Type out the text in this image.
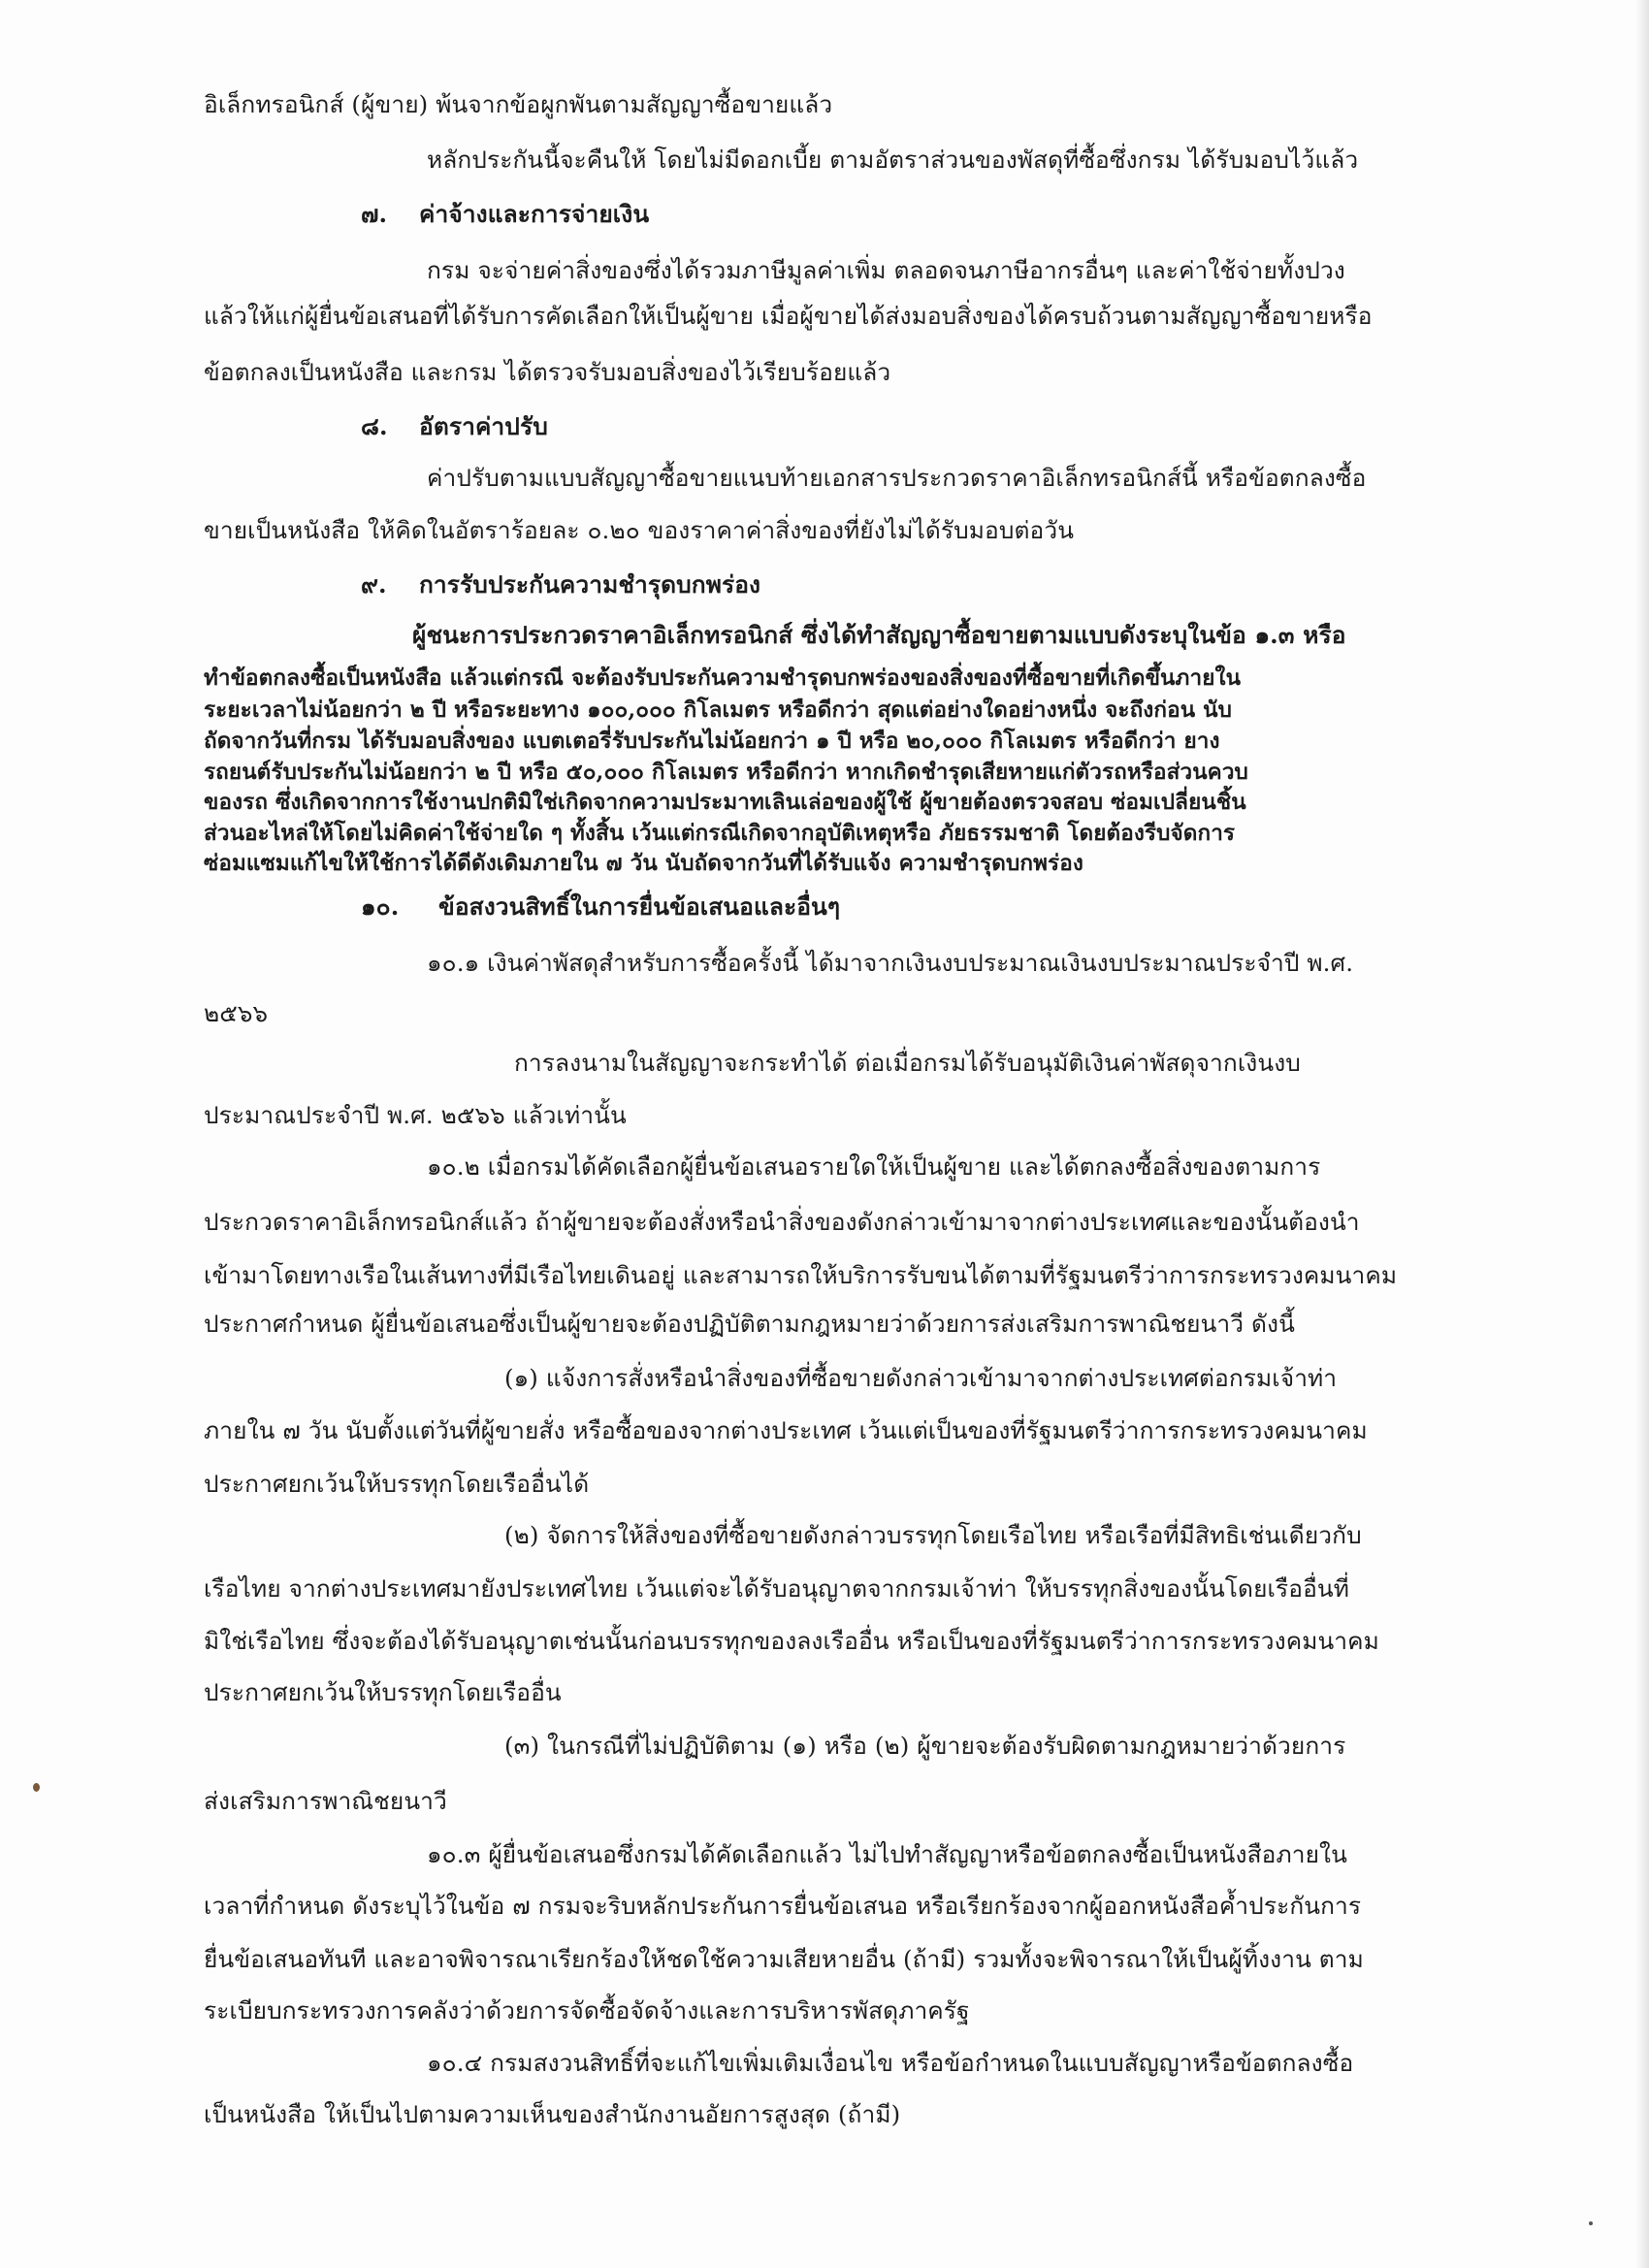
อิเล็กทรอนิกส์ (ผู้ขาย) พ้นจากข้อผูกพันตามสัญญาซื้อขายแล้ว
หลักประกันนี้จะคืนให้ โดยไม่มีดอกเบี้ย ตามอัตราส่วนของพัสดุที่ซื้อซึ่งกรม ได้รับมอบไว้แล้ว
๗. ค่าจ้างและการจ่ายเงิน
กรม จะจ่ายค่าสิ่งของซึ่งได้รวมภาษีมูลค่าเพิ่ม ตลอดจนภาษีอากรอื่นๆ และค่าใช้จ่ายทั้งปวง
แล้วให้แก่ผู้ยื่นข้อเสนอที่ได้รับการคัดเลือกให้เป็นผู้ขาย เมื่อผู้ขายได้ส่งมอบสิ่งของได้ครบถ้วนตามสัญญาซื้อขายหรือ
ข้อตกลงเป็นหนังสือ และกรม ได้ตรวจรับมอบสิ่งของไว้เรียบร้อยแล้ว
๘. อัตราค่าปรับ
ค่าปรับตามแบบสัญญาซื้อขายแนบท้ายเอกสารประกวดราคาอิเล็กทรอนิกส์นี้ หรือข้อตกลงซื้อ
ขายเป็นหนังสือ ให้คิดในอัตราร้อยละ ๐.๒๐ ของราคาค่าสิ่งของที่ยังไม่ได้รับมอบต่อวัน
๙. การรับประกันความชำรุดบกพร่อง
ผู้ชนะการประกวดราคาอิเล็กทรอนิกส์ ซึ่งได้ทำสัญญาซื้อขายตามแบบดังระบุในข้อ ๑.๓ หรือ
ทำข้อตกลงซื้อเป็นหนังสือ แล้วแต่กรณี จะต้องรับประกันความชำรุดบกพร่องของสิ่งของที่ซื้อขายที่เกิดขึ้นภายใน
ระยะเวลาไม่น้อยกว่า ๒ ปี หรือระยะทาง ๑๐๐,๐๐๐ กิโลเมตร หรือดีกว่า สุดแต่อย่างใดอย่างหนึ่ง จะถึงก่อน นับ
ถัดจากวันที่กรม ได้รับมอบสิ่งของ แบตเตอรี่รับประกันไม่น้อยกว่า ๑ ปี หรือ ๒๐,๐๐๐ กิโลเมตร หรือดีกว่า ยาง
รถยนต์รับประกันไม่น้อยกว่า ๒ ปี หรือ ๕๐,๐๐๐ กิโลเมตร หรือดีกว่า หากเกิดชำรุดเสียหายแก่ตัวรถหรือส่วนควบ
ของรถ ซึ่งเกิดจากการใช้งานปกติมิใช่เกิดจากความประมาทเลินเล่อของผู้ใช้ ผู้ขายต้องตรวจสอบ ซ่อมเปลี่ยนชิ้น
ส่วนอะไหล่ให้โดยไม่คิดค่าใช้จ่ายใด ๆ ทั้งสิ้น เว้นแต่กรณีเกิดจากอุบัติเหตุหรือ ภัยธรรมชาติ โดยต้องรีบจัดการ
ซ่อมแซมแก้ไขให้ใช้การได้ดีดังเดิมภายใน ๗ วัน นับถัดจากวันที่ได้รับแจ้ง ความชำรุดบกพร่อง
๑๐. ข้อสงวนสิทธิ์ในการยื่นข้อเสนอและอื่นๆ
๑๐.๑ เงินค่าพัสดุสำหรับการซื้อครั้งนี้ ได้มาจากเงินงบประมาณเงินงบประมาณประจำปี พ.ศ.
๒๕๖๖
การลงนามในสัญญาจะกระทำได้ ต่อเมื่อกรมได้รับอนุมัติเงินค่าพัสดุจากเงินงบ
ประมาณประจำปี พ.ศ. ๒๕๖๖ แล้วเท่านั้น
๑๐.๒ เมื่อกรมได้คัดเลือกผู้ยื่นข้อเสนอรายใดให้เป็นผู้ขาย และได้ตกลงซื้อสิ่งของตามการ
ประกวดราคาอิเล็กทรอนิกส์แล้ว ถ้าผู้ขายจะต้องสั่งหรือนำสิ่งของดังกล่าวเข้ามาจากต่างประเทศและของนั้นต้องนำ
เข้ามาโดยทางเรือในเส้นทางที่มีเรือไทยเดินอยู่ และสามารถให้บริการรับขนได้ตามที่รัฐมนตรีว่าการกระทรวงคมนาคม
ประกาศกำหนด ผู้ยื่นข้อเสนอซึ่งเป็นผู้ขายจะต้องปฏิบัติตามกฎหมายว่าด้วยการส่งเสริมการพาณิชยนาวี ดังนี้
(๑) แจ้งการสั่งหรือนำสิ่งของที่ซื้อขายดังกล่าวเข้ามาจากต่างประเทศต่อกรมเจ้าท่า
ภายใน ๗ วัน นับตั้งแต่วันที่ผู้ขายสั่ง หรือซื้อของจากต่างประเทศ เว้นแต่เป็นของที่รัฐมนตรีว่าการกระทรวงคมนาคม
ประกาศยกเว้นให้บรรทุกโดยเรืออื่นได้
(๒) จัดการให้สิ่งของที่ซื้อขายดังกล่าวบรรทุกโดยเรือไทย หรือเรือที่มีสิทธิเช่นเดียวกับ
เรือไทย จากต่างประเทศมายังประเทศไทย เว้นแต่จะได้รับอนุญาตจากกรมเจ้าท่า ให้บรรทุกสิ่งของนั้นโดยเรืออื่นที่
มิใช่เรือไทย ซึ่งจะต้องได้รับอนุญาตเช่นนั้นก่อนบรรทุกของลงเรืออื่น หรือเป็นของที่รัฐมนตรีว่าการกระทรวงคมนาคม
ประกาศยกเว้นให้บรรทุกโดยเรืออื่น
(๓) ในกรณีที่ไม่ปฏิบัติตาม (๑) หรือ (๒) ผู้ขายจะต้องรับผิดตามกฎหมายว่าด้วยการ
ส่งเสริมการพาณิชยนาวี
๑๐.๓ ผู้ยื่นข้อเสนอซึ่งกรมได้คัดเลือกแล้ว ไม่ไปทำสัญญาหรือข้อตกลงซื้อเป็นหนังสือภายใน
เวลาที่กำหนด ดังระบุไว้ในข้อ ๗ กรมจะริบหลักประกันการยื่นข้อเสนอ หรือเรียกร้องจากผู้ออกหนังสือค้ำประกันการ
ยื่นข้อเสนอทันที และอาจพิจารณาเรียกร้องให้ชดใช้ความเสียหายอื่น (ถ้ามี) รวมทั้งจะพิจารณาให้เป็นผู้ทิ้งงาน ตาม
ระเบียบกระทรวงการคลังว่าด้วยการจัดซื้อจัดจ้างและการบริหารพัสดุภาครัฐ
๑๐.๔ กรมสงวนสิทธิ์ที่จะแก้ไขเพิ่มเติมเงื่อนไข หรือข้อกำหนดในแบบสัญญาหรือข้อตกลงซื้อ
เป็นหนังสือ ให้เป็นไปตามความเห็นของสำนักงานอัยการสูงสุด (ถ้ามี)
